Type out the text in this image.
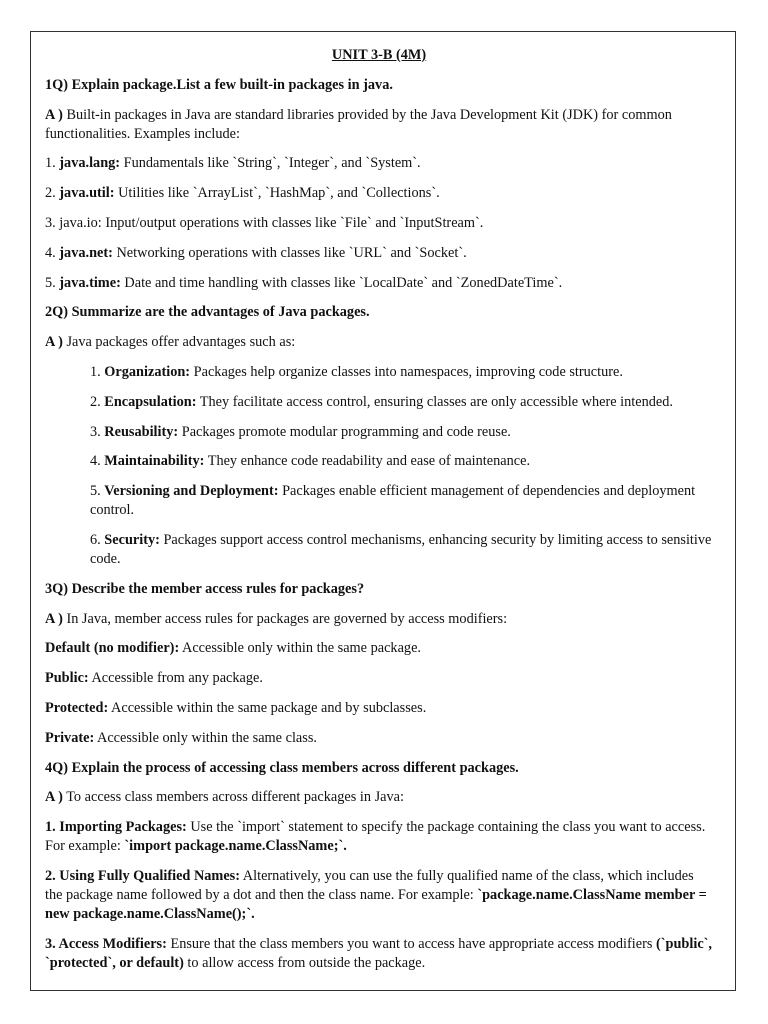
UNIT 3-B (4M)

1Q) Explain package.List a few built-in packages in java.

A ) Built-in packages in Java are standard libraries provided by the Java Development Kit (JDK) for common functionalities. Examples include:

1. java.lang: Fundamentals like `String`, `Integer`, and `System`.

2. java.util: Utilities like `ArrayList`, `HashMap`, and `Collections`.

3. java.io: Input/output operations with classes like `File` and `InputStream`.

4. java.net: Networking operations with classes like `URL` and `Socket`.

5. java.time: Date and time handling with classes like `LocalDate` and `ZonedDateTime`.

2Q) Summarize are the advantages of Java packages.

A ) Java packages offer advantages such as:

1. Organization: Packages help organize classes into namespaces, improving code structure.

2. Encapsulation: They facilitate access control, ensuring classes are only accessible where intended.

3. Reusability: Packages promote modular programming and code reuse.

4. Maintainability: They enhance code readability and ease of maintenance.

5. Versioning and Deployment: Packages enable efficient management of dependencies and deployment control.

6. Security: Packages support access control mechanisms, enhancing security by limiting access to sensitive code.

3Q) Describe the member access rules for packages?

A ) In Java, member access rules for packages are governed by access modifiers:

Default (no modifier): Accessible only within the same package.

Public: Accessible from any package.

Protected: Accessible within the same package and by subclasses.

Private: Accessible only within the same class.

4Q) Explain the process of accessing class members across different packages.

A ) To access class members across different packages in Java:

1. Importing Packages: Use the `import` statement to specify the package containing the class you want to access. For example: `import package.name.ClassName;`.

2. Using Fully Qualified Names: Alternatively, you can use the fully qualified name of the class, which includes the package name followed by a dot and then the class name. For example: `package.name.ClassName member = new package.name.ClassName();`.

3. Access Modifiers: Ensure that the class members you want to access have appropriate access modifiers (`public`, `protected`, or default) to allow access from outside the package.
